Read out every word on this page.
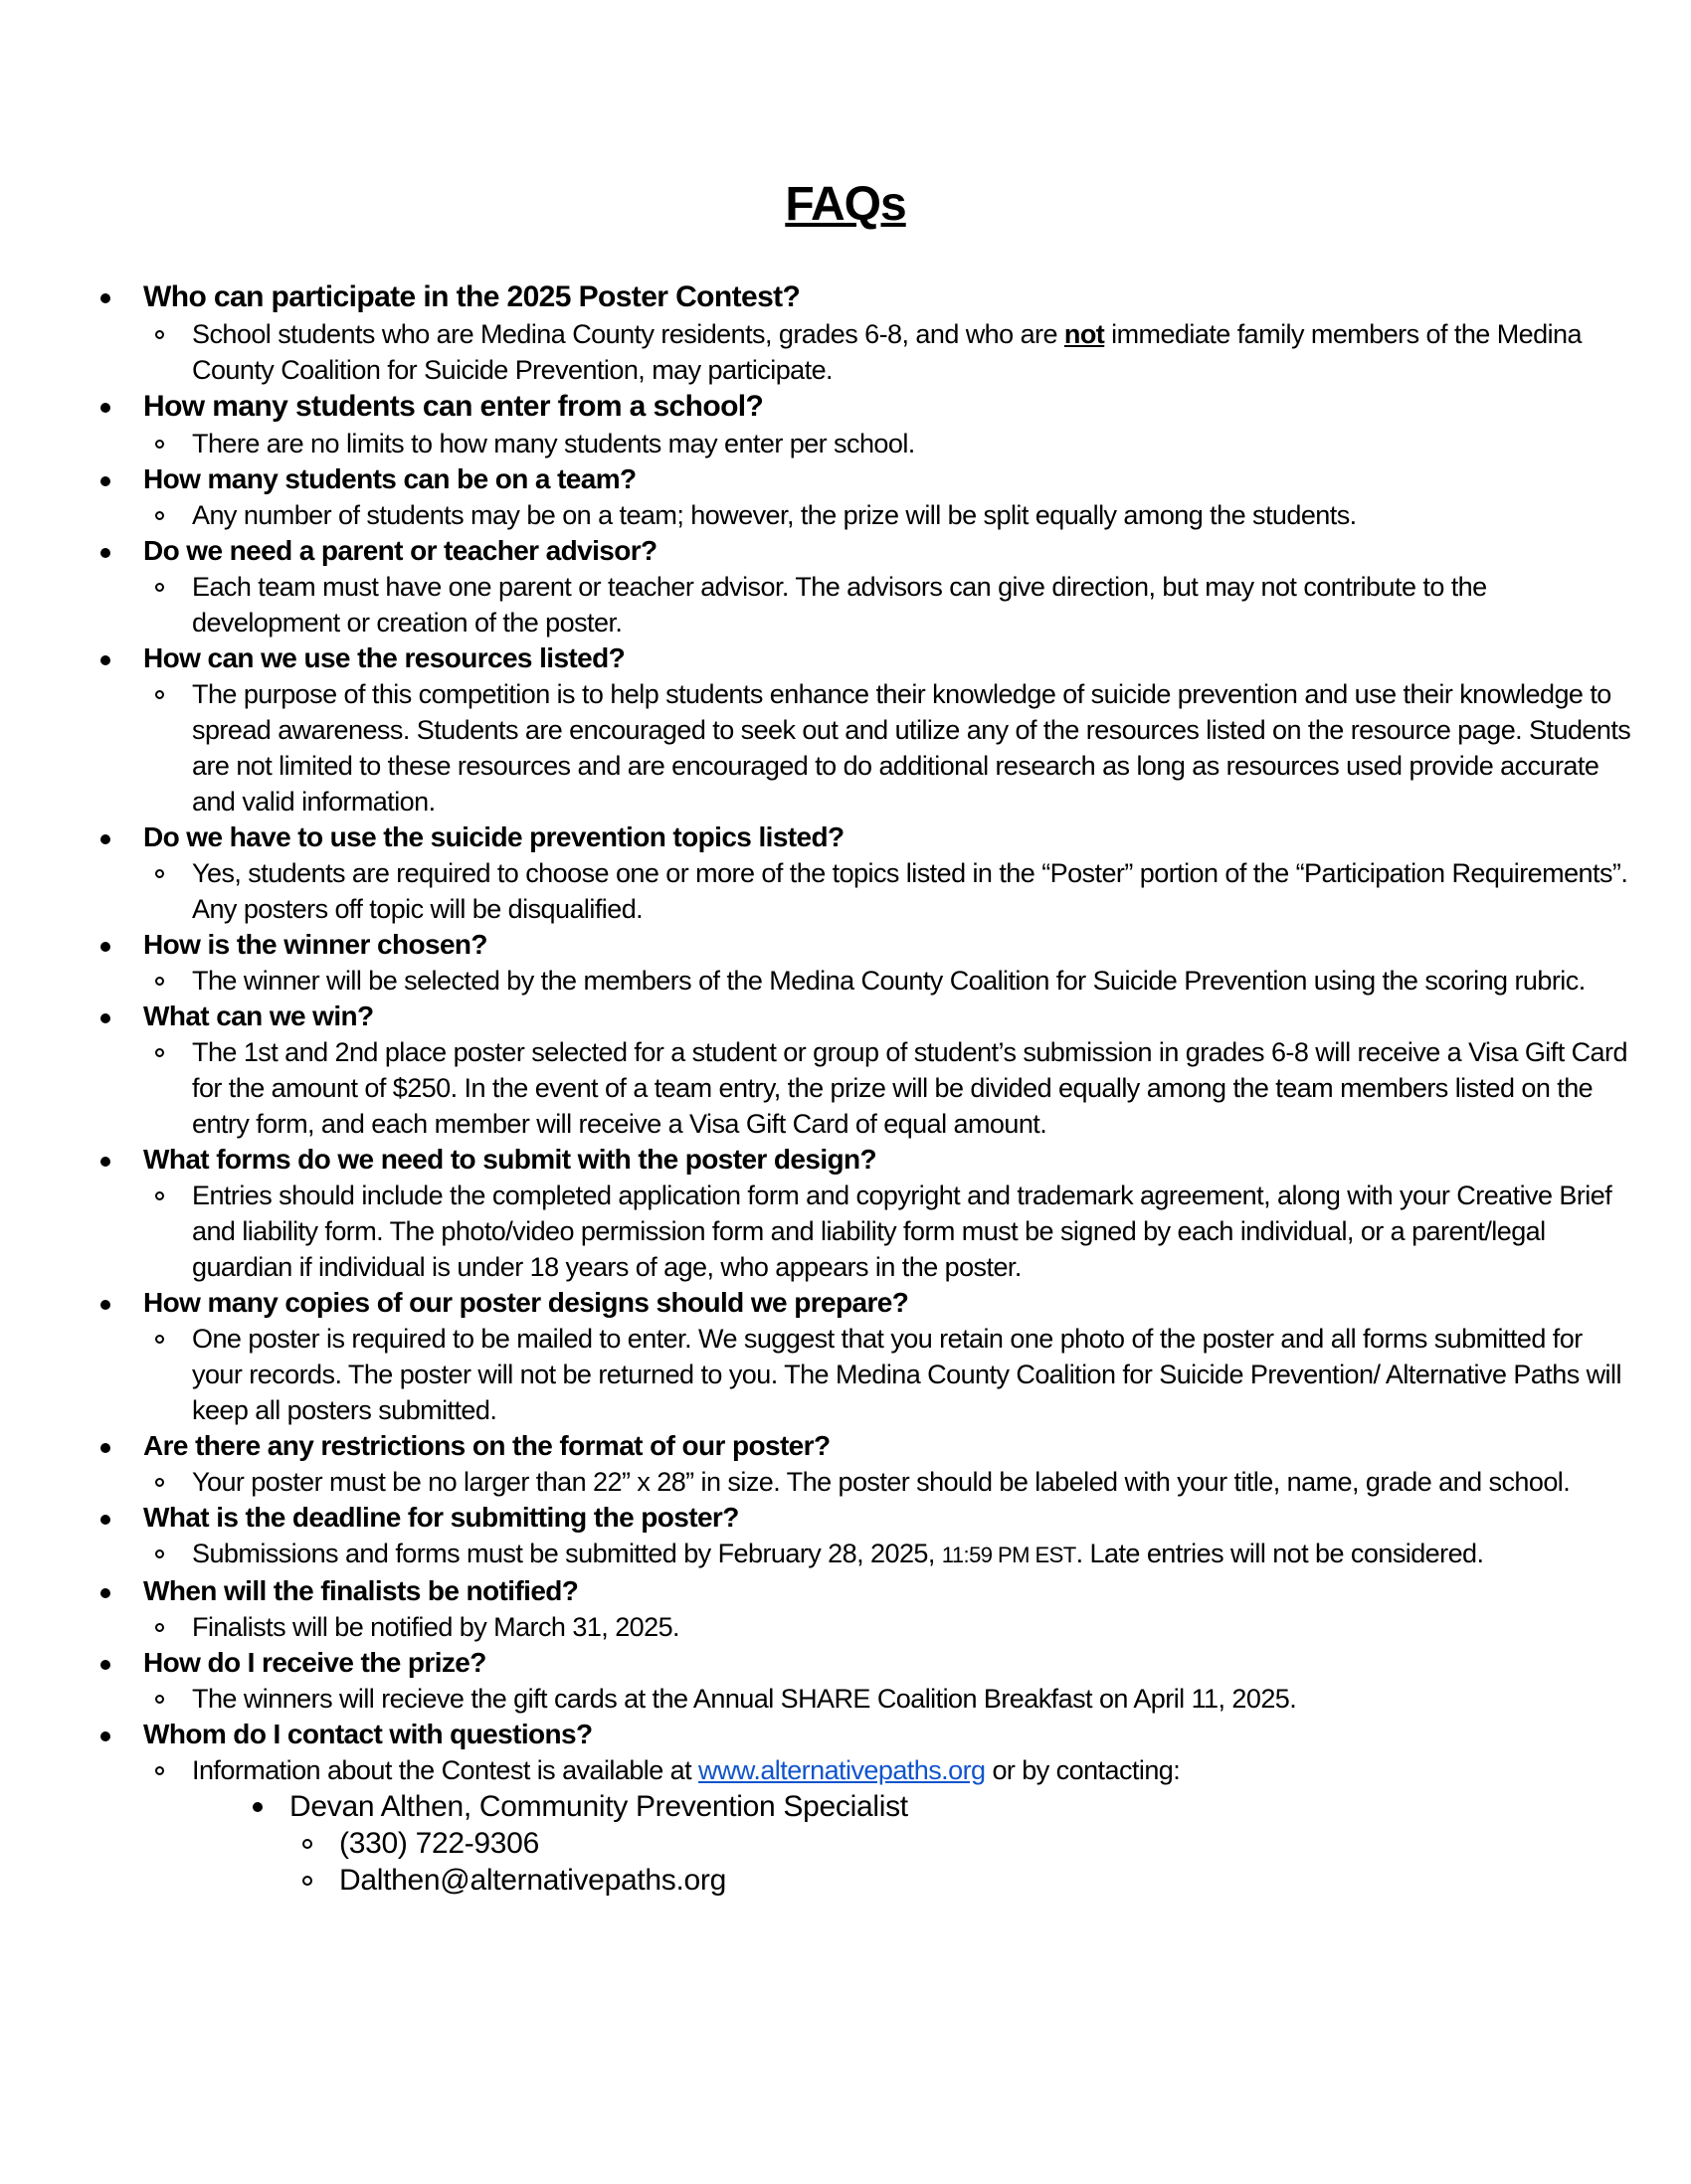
FAQs
Who can participate in the 2025 Poster Contest?
School students who are Medina County residents, grades 6-8, and who are not immediate family members of the Medina County Coalition for Suicide Prevention, may participate.
How many students can enter from a school?
There are no limits to how many students may enter per school.
How many students can be on a team?
Any number of students may be on a team; however, the prize will be split equally among the students.
Do we need a parent or teacher advisor?
Each team must have one parent or teacher advisor. The advisors can give direction, but may not contribute to the development or creation of the poster.
How can we use the resources listed?
The purpose of this competition is to help students enhance their knowledge of suicide prevention and use their knowledge to spread awareness. Students are encouraged to seek out and utilize any of the resources listed on the resource page. Students are not limited to these resources and are encouraged to do additional research as long as resources used provide accurate and valid information.
Do we have to use the suicide prevention topics listed?
Yes, students are required to choose one or more of the topics listed in the “Poster” portion of the “Participation Requirements”. Any posters off topic will be disqualified.
How is the winner chosen?
The winner will be selected by the members of the Medina County Coalition for Suicide Prevention using the scoring rubric.
What can we win?
The 1st and 2nd place poster selected for a student or group of student’s submission in grades 6-8 will receive a Visa Gift Card for the amount of $250. In the event of a team entry, the prize will be divided equally among the team members listed on the entry form, and each member will receive a Visa Gift Card of equal amount.
What forms do we need to submit with the poster design?
Entries should include the completed application form and copyright and trademark agreement, along with your Creative Brief and liability form. The photo/video permission form and liability form must be signed by each individual, or a parent/legal guardian if individual is under 18 years of age, who appears in the poster.
How many copies of our poster designs should we prepare?
One poster is required to be mailed to enter. We suggest that you retain one photo of the poster and all forms submitted for your records. The poster will not be returned to you. The Medina County Coalition for Suicide Prevention/ Alternative Paths will keep all posters submitted.
Are there any restrictions on the format of our poster?
Your poster must be no larger than 22” x 28” in size. The poster should be labeled with your title, name, grade and school.
What is the deadline for submitting the poster?
Submissions and forms must be submitted by February 28, 2025, 11:59 PM EST. Late entries will not be considered.
When will the finalists be notified?
Finalists will be notified by March 31, 2025.
How do I receive the prize?
The winners will recieve the gift cards at the Annual SHARE Coalition Breakfast on April 11, 2025.
Whom do I contact with questions?
Information about the Contest is available at www.alternativepaths.org or by contacting:
Devan Althen, Community Prevention Specialist
(330) 722-9306
Dalthen@alternativepaths.org
